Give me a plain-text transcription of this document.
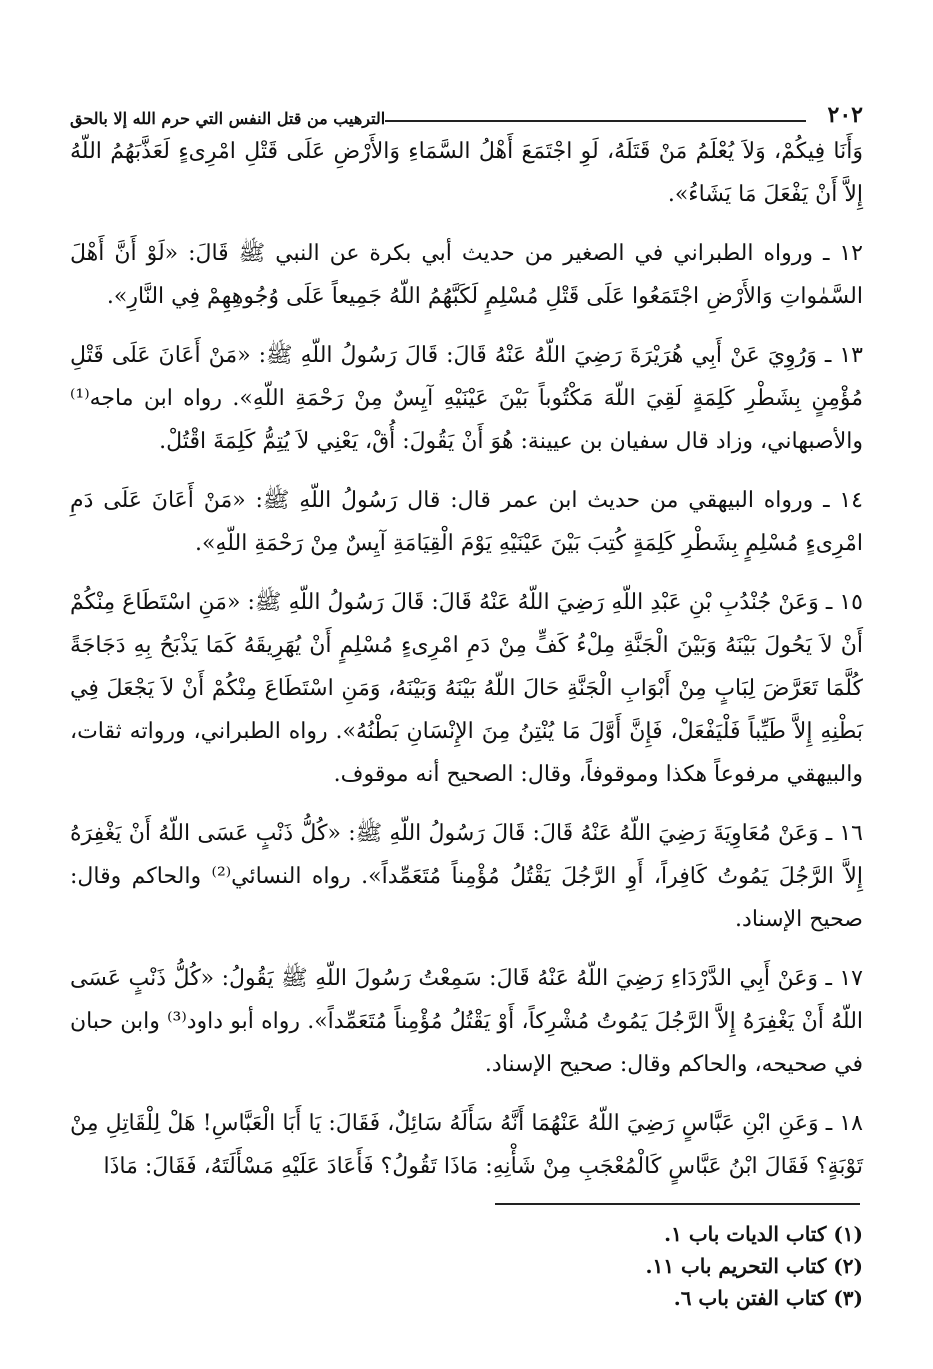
٢٠٢
الترهيب من قتل النفس التي حرم الله إلا بالحق

وَأَنَا فِيكُمْ، وَلاَ يُعْلَمُ مَنْ قَتَلَهُ، لَوِ اجْتَمَعَ أَهْلُ السَّمَاءِ وَالأَرْضِ عَلَى قَتْلِ امْرِىءٍ لَعَذَّبَهُمُ اللّهُ إِلاَّ أَنْ يَفْعَلَ مَا يَشَاءُ».

١٢ ـ ورواه الطبراني في الصغير من حديث أبي بكرة عن النبي ﷺ قَالَ: «لَوْ أَنَّ أَهْلَ السَّمٰواتِ وَالأَرْضِ اجْتَمَعُوا عَلَى قَتْلِ مُسْلِمٍ لَكَبَّهُمُ اللّهُ جَمِيعاً عَلَى وُجُوهِهِمْ فِي النَّارِ».

١٣ ـ وَرُوِيَ عَنْ أَبِي هُرَيْرَةَ رَضِيَ اللّهُ عَنْهُ قَالَ: قَالَ رَسُولُ اللّهِ ﷺ: «مَنْ أَعَانَ عَلَى قَتْلِ مُؤْمِنٍ بِشَطْرِ كَلِمَةٍ لَقِيَ اللّهَ مَكْتُوباً بَيْنَ عَيْنَيْهِ آيِسٌ مِنْ رَحْمَةِ اللّهِ». رواه ابن ماجه⁽¹⁾ والأصبهاني، وزاد قال سفيان بن عيينة: هُوَ أَنْ يَقُولَ: أُقْ، يَعْنِي لاَ يُتِمُّ كَلِمَةَ اقْتُلْ.

١٤ ـ ورواه البيهقي من حديث ابن عمر قال: قال رَسُولُ اللّهِ ﷺ: «مَنْ أَعَانَ عَلَى دَمِ امْرِىءٍ مُسْلِمٍ بِشَطْرِ كَلِمَةٍ كُتِبَ بَيْنَ عَيْنَيْهِ يَوْمَ الْقِيَامَةِ آيِسٌ مِنْ رَحْمَةِ اللّهِ».

١٥ ـ وَعَنْ جُنْدُبِ بْنِ عَبْدِ اللّهِ رَضِيَ اللّهُ عَنْهُ قَالَ: قَالَ رَسُولُ اللّهِ ﷺ: «مَنِ اسْتَطَاعَ مِنْكُمْ أَنْ لاَ يَحُولَ بَيْنَهُ وَبَيْنَ الْجَنَّةِ مِلْءُ كَفٍّ مِنْ دَمِ امْرِىءٍ مُسْلِمٍ أَنْ يُهَرِيقَهُ كَمَا يَذْبَحُ بِهِ دَجَاجَةً كُلَّمَا تَعَرَّضَ لِبَابٍ مِنْ أَبْوَابِ الْجَنَّةِ حَالَ اللّهُ بَيْنَهُ وَبَيْنَهُ، وَمَنِ اسْتَطَاعَ مِنْكُمْ أَنْ لاَ يَجْعَلَ فِي بَطْنِهِ إِلاَّ طَيِّباً فَلْيَفْعَلْ، فَإِنَّ أَوَّلَ مَا يُنْتِنُ مِنَ الإِنْسَانِ بَطْنُهُ». رواه الطبراني، ورواته ثقات، والبيهقي مرفوعاً هكذا وموقوفاً، وقال: الصحيح أنه موقوف.

١٦ ـ وَعَنْ مُعَاوِيَةَ رَضِيَ اللّهُ عَنْهُ قَالَ: قَالَ رَسُولُ اللّهِ ﷺ: «كُلُّ ذَنْبٍ عَسَى اللّهُ أَنْ يَغْفِرَهُ إِلاَّ الرَّجُلَ يَمُوتُ كَافِراً، أَوِ الرَّجُلَ يَقْتُلُ مُؤْمِناً مُتَعَمِّداً». رواه النسائي⁽²⁾ والحاكم وقال: صحيح الإسناد.

١٧ ـ وَعَنْ أَبِي الدَّرْدَاءِ رَضِيَ اللّهُ عَنْهُ قَالَ: سَمِعْتُ رَسُولَ اللّهِ ﷺ يَقُولُ: «كُلُّ ذَنْبٍ عَسَى اللّهُ أَنْ يَغْفِرَهُ إِلاَّ الرَّجُلَ يَمُوتُ مُشْرِكاً، أَوْ يَقْتُلُ مُؤْمِناً مُتَعَمِّداً». رواه أبو داود⁽³⁾ وابن حبان في صحيحه، والحاكم وقال: صحيح الإسناد.

١٨ ـ وَعَنِ ابْنِ عَبَّاسٍ رَضِيَ اللّهُ عَنْهُمَا أَنَّهُ سَأَلَهُ سَائِلٌ، فَقَالَ: يَا أَبَا الْعَبَّاسِ! هَلْ لِلْقَاتِلِ مِنْ تَوْبَةٍ؟ فَقَالَ ابْنُ عَبَّاسٍ كَالْمُعْجَبِ مِنْ شَأْنِهِ: مَاذَا تَقُولُ؟ فَأَعَادَ عَلَيْهِ مَسْأَلَتَهُ، فَقَالَ: مَاذَا

(١) كتاب الديات باب ١.
(٢) كتاب التحريم باب ١١.
(٣) كتاب الفتن باب ٦.
